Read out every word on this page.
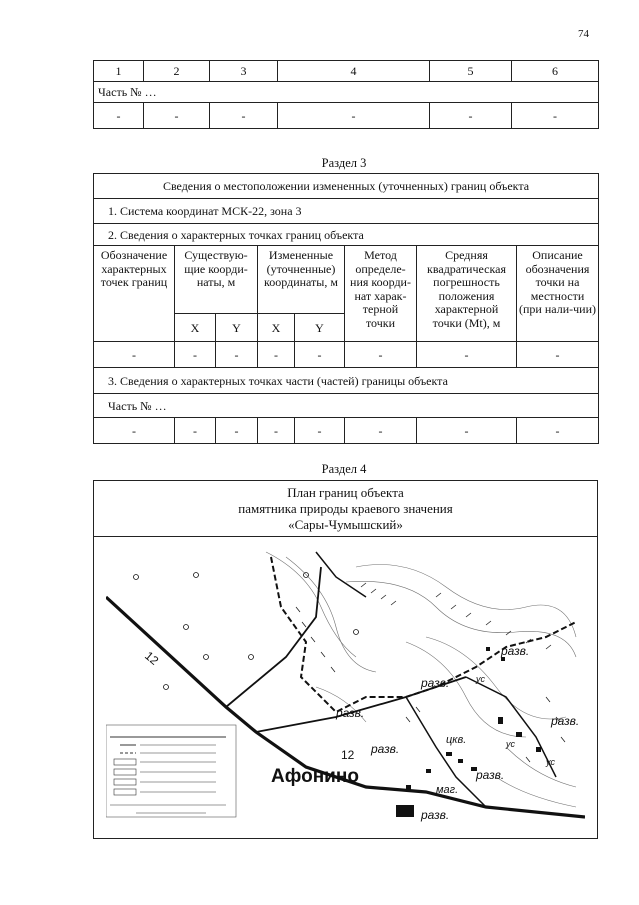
74
1	2	3	4	5	6
Часть № …					
-	-	-	-	-	-
Раздел 3
Сведения о местоположении измененных (уточненных) границ объекта							
1. Система координат МСК-22, зона 3							
2. Сведения о характерных точках границ объекта							
Обозначение характерных точек границ	Существую-щие коорди-наты, м		Измененные (уточненные) координаты, м		Метод определе-ния коорди-нат харак-терной точки	Средняя квадратическая погрешность положения характерной точки (Mt), м	Описание обозначения точки на местности (при нали-чии)
	X	Y	X	Y			
-	-	-	-	-	-	-	-
3. Сведения о характерных точках части (частей) границы объекта							
Часть № …							
-	-	-	-	-	-	-	-
Раздел 4
План границ объекта
памятника природы краевого значения
«Сары-Чумышский»
Афонино
12
12
разв.
разв.
разв.
разв.
разв.
разв.
разв.
маг.
цкв.
ус
ус
ус
